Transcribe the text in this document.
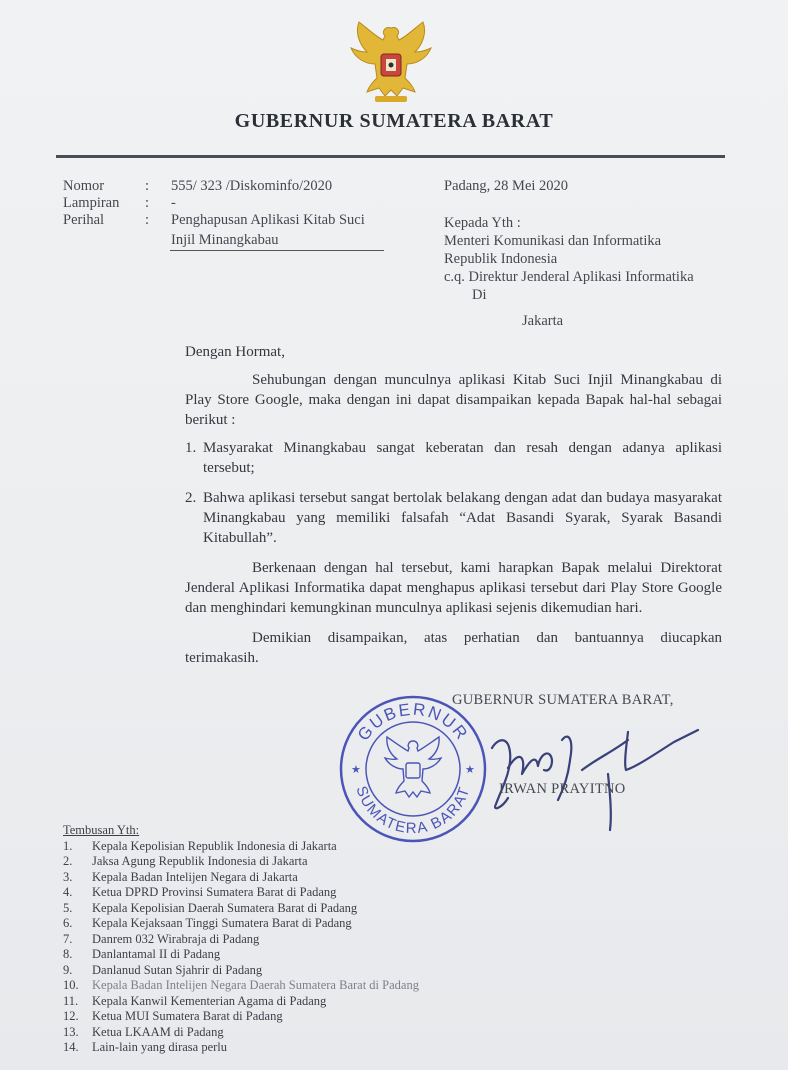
GUBERNUR SUMATERA BARAT
Nomor	:	555/ 323 /Diskominfo/2020
Lampiran	:	-
Perihal	:	Penghapusan Aplikasi Kitab Suci
Injil Minangkabau
Padang, 28 Mei 2020
Kepada Yth :
Menteri Komunikasi dan Informatika
Republik Indonesia
c.q. Direktur Jenderal Aplikasi Informatika
Di
Jakarta

Dengan Hormat,

Sehubungan dengan munculnya aplikasi Kitab Suci Injil Minangkabau di Play Store Google, maka dengan ini dapat disampaikan kepada Bapak hal-hal sebagai berikut :

1. Masyarakat Minangkabau sangat keberatan dan resah dengan adanya aplikasi tersebut;
2. Bahwa aplikasi tersebut sangat bertolak belakang dengan adat dan budaya masyarakat Minangkabau yang memiliki falsafah “Adat Basandi Syarak, Syarak Basandi Kitabullah”.

Berkenaan dengan hal tersebut, kami harapkan Bapak melalui Direktorat Jenderal Aplikasi Informatika dapat menghapus aplikasi tersebut dari Play Store Google dan menghindari kemungkinan munculnya aplikasi sejenis dikemudian hari.

Demikian disampaikan, atas perhatian dan bantuannya diucapkan terimakasih.

GUBERNUR SUMATERA BARAT,
GUBERNUR
SUMATERA BARAT
★	★
IRWAN PRAYITNO
Tembusan Yth:
1.	Kepala Kepolisian Republik Indonesia di Jakarta
2.	Jaksa Agung Republik Indonesia di Jakarta
3.	Kepala Badan Intelijen Negara di Jakarta
4.	Ketua DPRD Provinsi Sumatera Barat di Padang
5.	Kepala Kepolisian Daerah Sumatera Barat di Padang
6.	Kepala Kejaksaan Tinggi Sumatera Barat di Padang
7.	Danrem 032 Wirabraja di Padang
8.	Danlantamal II di Padang
9.	Danlanud Sutan Sjahrir di Padang
10.	Kepala Badan Intelijen Negara Daerah Sumatera Barat di Padang
11.	Kepala Kanwil Kementerian Agama di Padang
12.	Ketua MUI Sumatera Barat di Padang
13.	Ketua LKAAM di Padang
14.	Lain-lain yang dirasa perlu
